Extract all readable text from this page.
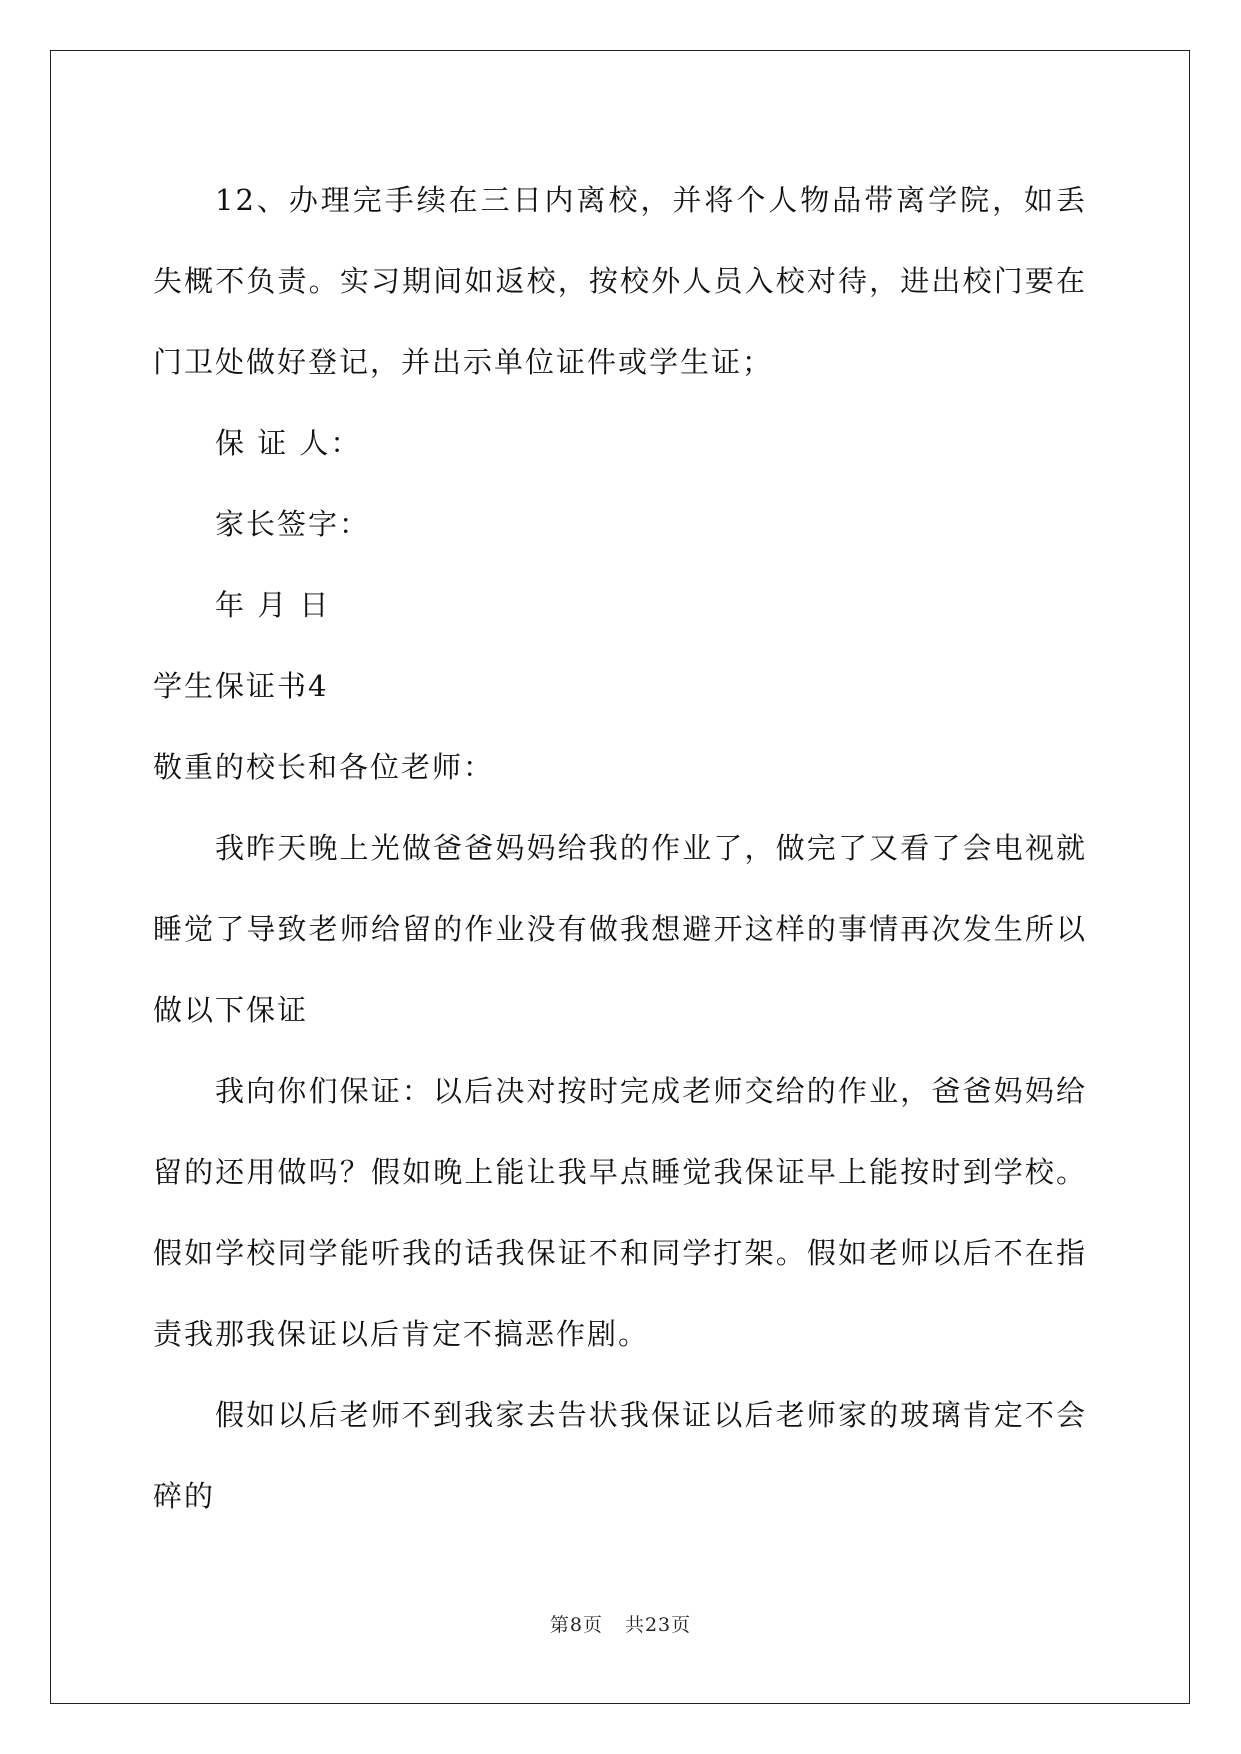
12、办理完手续在三日内离校，并将个人物品带离学院，如丢失概不负责。实习期间如返校，按校外人员入校对待，进出校门要在门卫处做好登记，并出示单位证件或学生证；

保 证 人：

家长签字：

年 月 日

学生保证书4

敬重的校长和各位老师：

我昨天晚上光做爸爸妈妈给我的作业了，做完了又看了会电视就睡觉了导致老师给留的作业没有做我想避开这样的事情再次发生所以做以下保证

我向你们保证：以后决对按时完成老师交给的作业，爸爸妈妈给留的还用做吗？假如晚上能让我早点睡觉我保证早上能按时到学校。假如学校同学能听我的话我保证不和同学打架。假如老师以后不在指责我那我保证以后肯定不搞恶作剧。

假如以后老师不到我家去告状我保证以后老师家的玻璃肯定不会碎的

第8页 共23页
